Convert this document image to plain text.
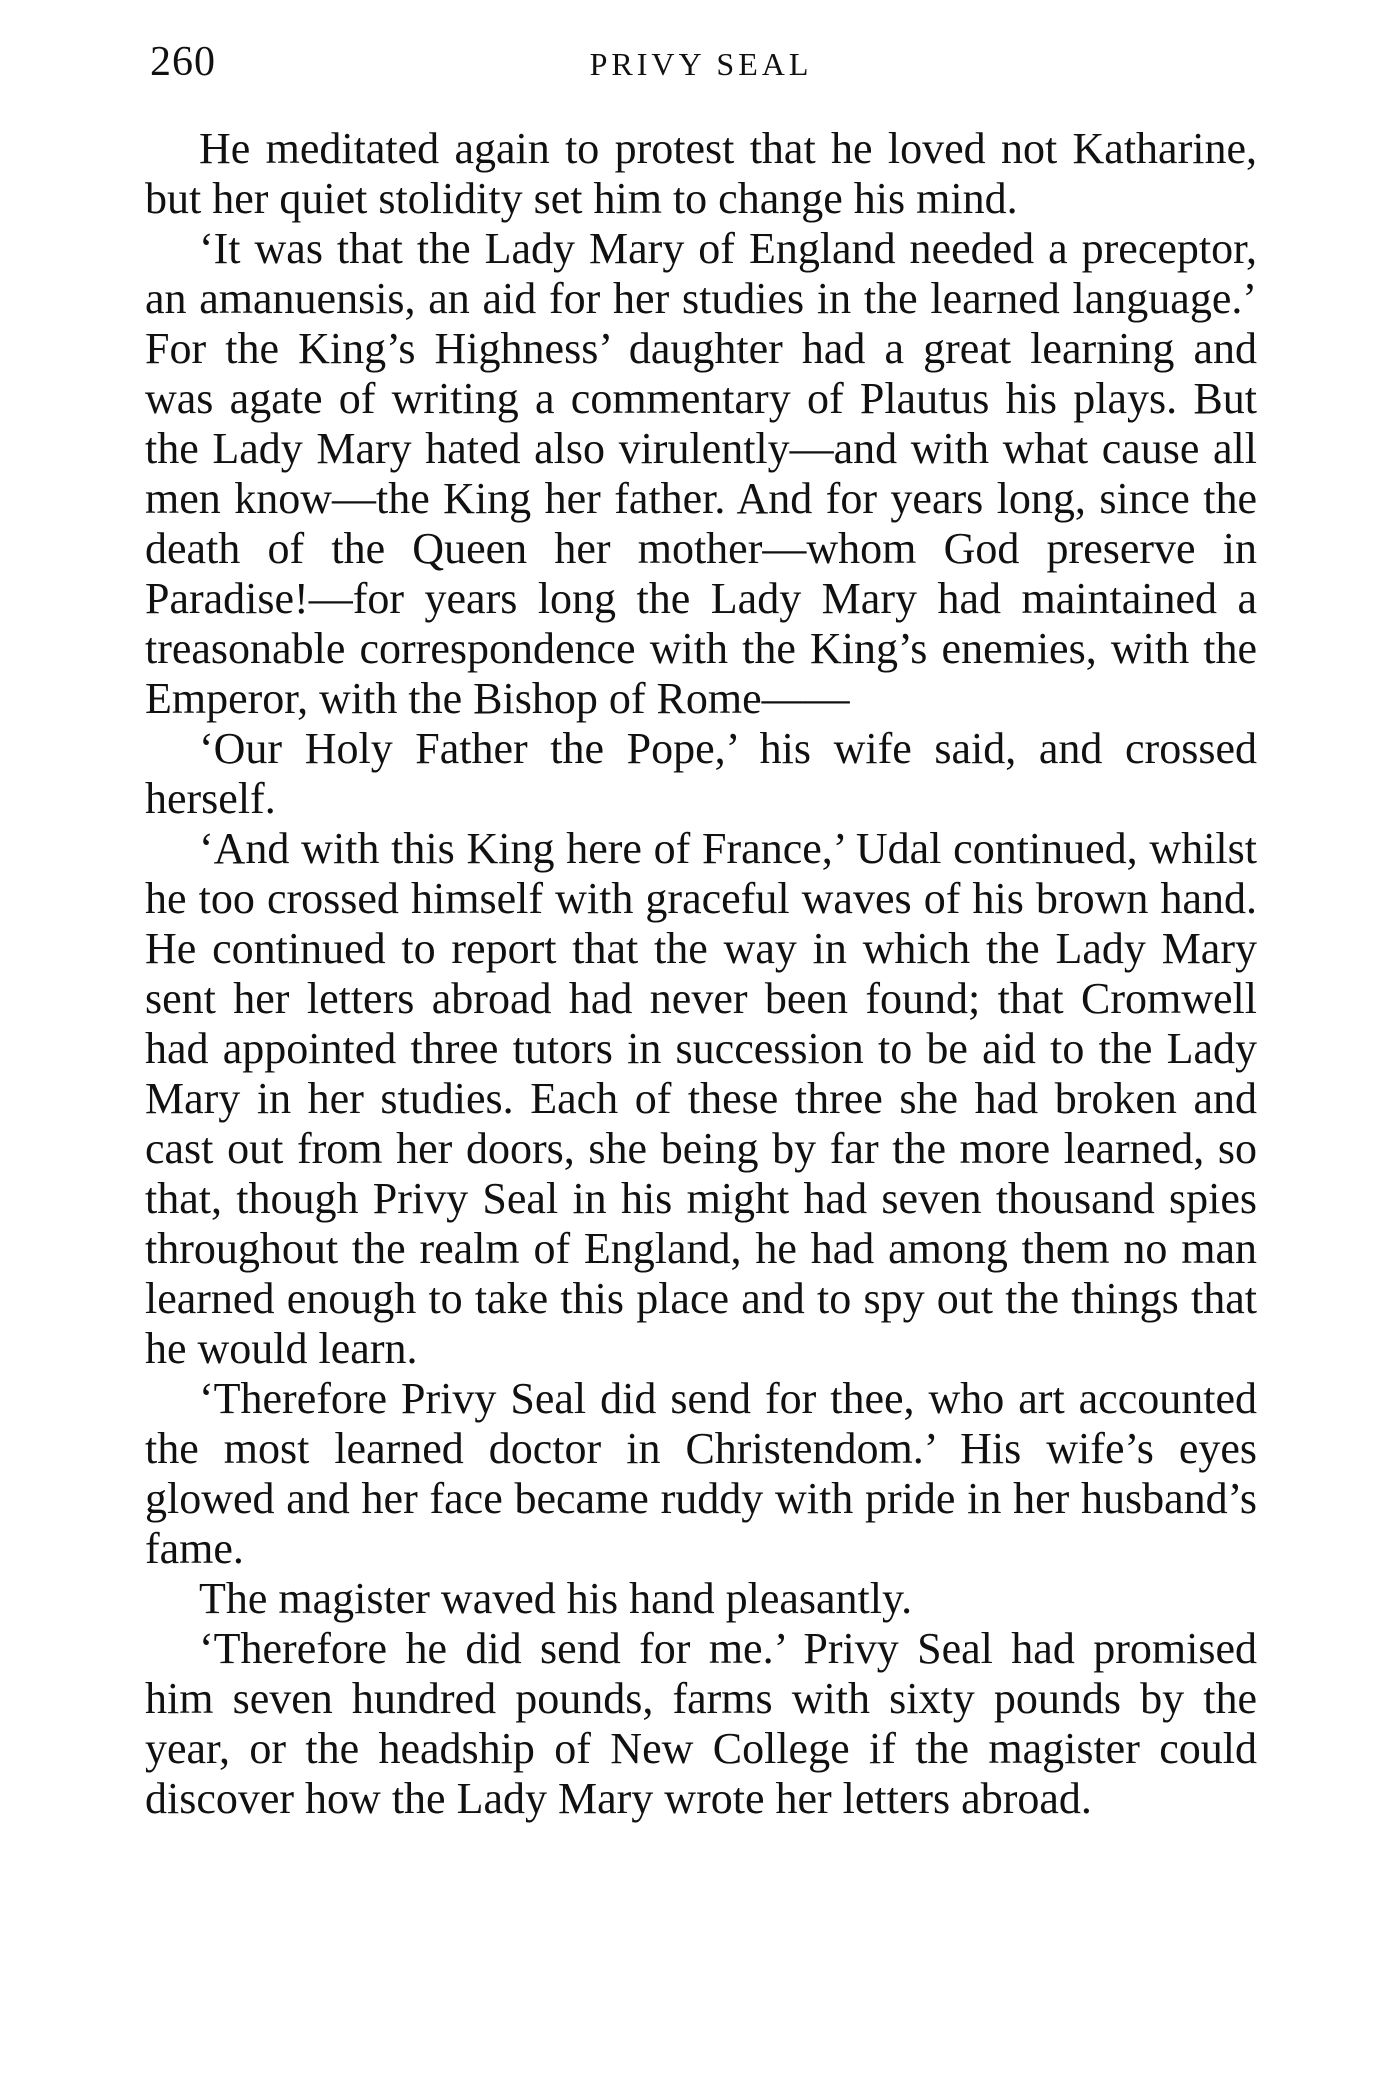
260	PRIVY SEAL

He meditated again to protest that he loved not Katharine, but her quiet stolidity set him to change his mind.

‘It was that the Lady Mary of England needed a preceptor, an amanuensis, an aid for her studies in the learned language.’ For the King’s Highness’ daughter had a great learning and was agate of writing a commentary of Plautus his plays. But the Lady Mary hated also virulently—and with what cause all men know—the King her father. And for years long, since the death of the Queen her mother—whom God preserve in Paradise!—for years long the Lady Mary had maintained a treasonable correspondence with the King’s enemies, with the Emperor, with the Bishop of Rome——

‘Our Holy Father the Pope,’ his wife said, and crossed herself.

‘And with this King here of France,’ Udal continued, whilst he too crossed himself with graceful waves of his brown hand. He continued to report that the way in which the Lady Mary sent her letters abroad had never been found; that Cromwell had appointed three tutors in succession to be aid to the Lady Mary in her studies. Each of these three she had broken and cast out from her doors, she being by far the more learned, so that, though Privy Seal in his might had seven thousand spies throughout the realm of England, he had among them no man learned enough to take this place and to spy out the things that he would learn.

‘Therefore Privy Seal did send for thee, who art accounted the most learned doctor in Christendom.’ His wife’s eyes glowed and her face became ruddy with pride in her husband’s fame.

The magister waved his hand pleasantly.

‘Therefore he did send for me.’ Privy Seal had promised him seven hundred pounds, farms with sixty pounds by the year, or the headship of New College if the magister could discover how the Lady Mary wrote her letters abroad.
